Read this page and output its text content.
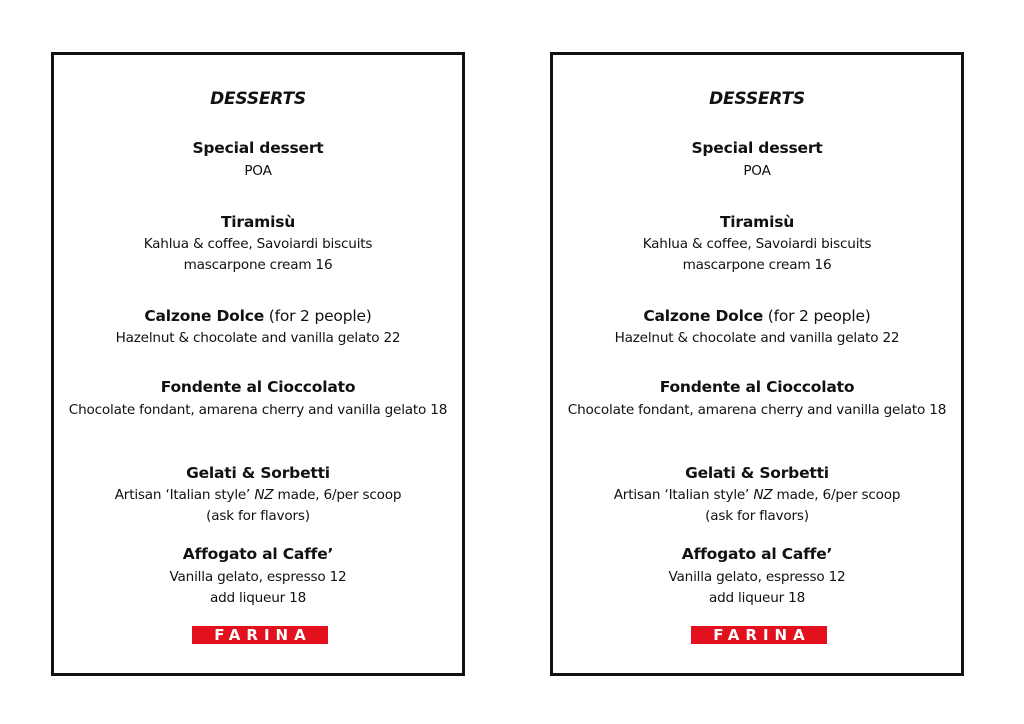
DESSERTS
Special dessert
POA
Tiramisù
Kahlua & coffee, Savoiardi biscuits
mascarpone cream 16
Calzone Dolce (for 2 people)
Hazelnut & chocolate and vanilla gelato 22
Fondente al Cioccolato
Chocolate fondant, amarena cherry and vanilla gelato 18
Gelati & Sorbetti
Artisan ‘Italian style’ NZ made, 6/per scoop
(ask for flavors)
Affogato al Caffe’
Vanilla gelato, espresso 12
add liqueur 18
FARINA
DESSERTS
Special dessert
POA
Tiramisù
Kahlua & coffee, Savoiardi biscuits
mascarpone cream 16
Calzone Dolce (for 2 people)
Hazelnut & chocolate and vanilla gelato 22
Fondente al Cioccolato
Chocolate fondant, amarena cherry and vanilla gelato 18
Gelati & Sorbetti
Artisan ‘Italian style’ NZ made, 6/per scoop
(ask for flavors)
Affogato al Caffe’
Vanilla gelato, espresso 12
add liqueur 18
FARINA
